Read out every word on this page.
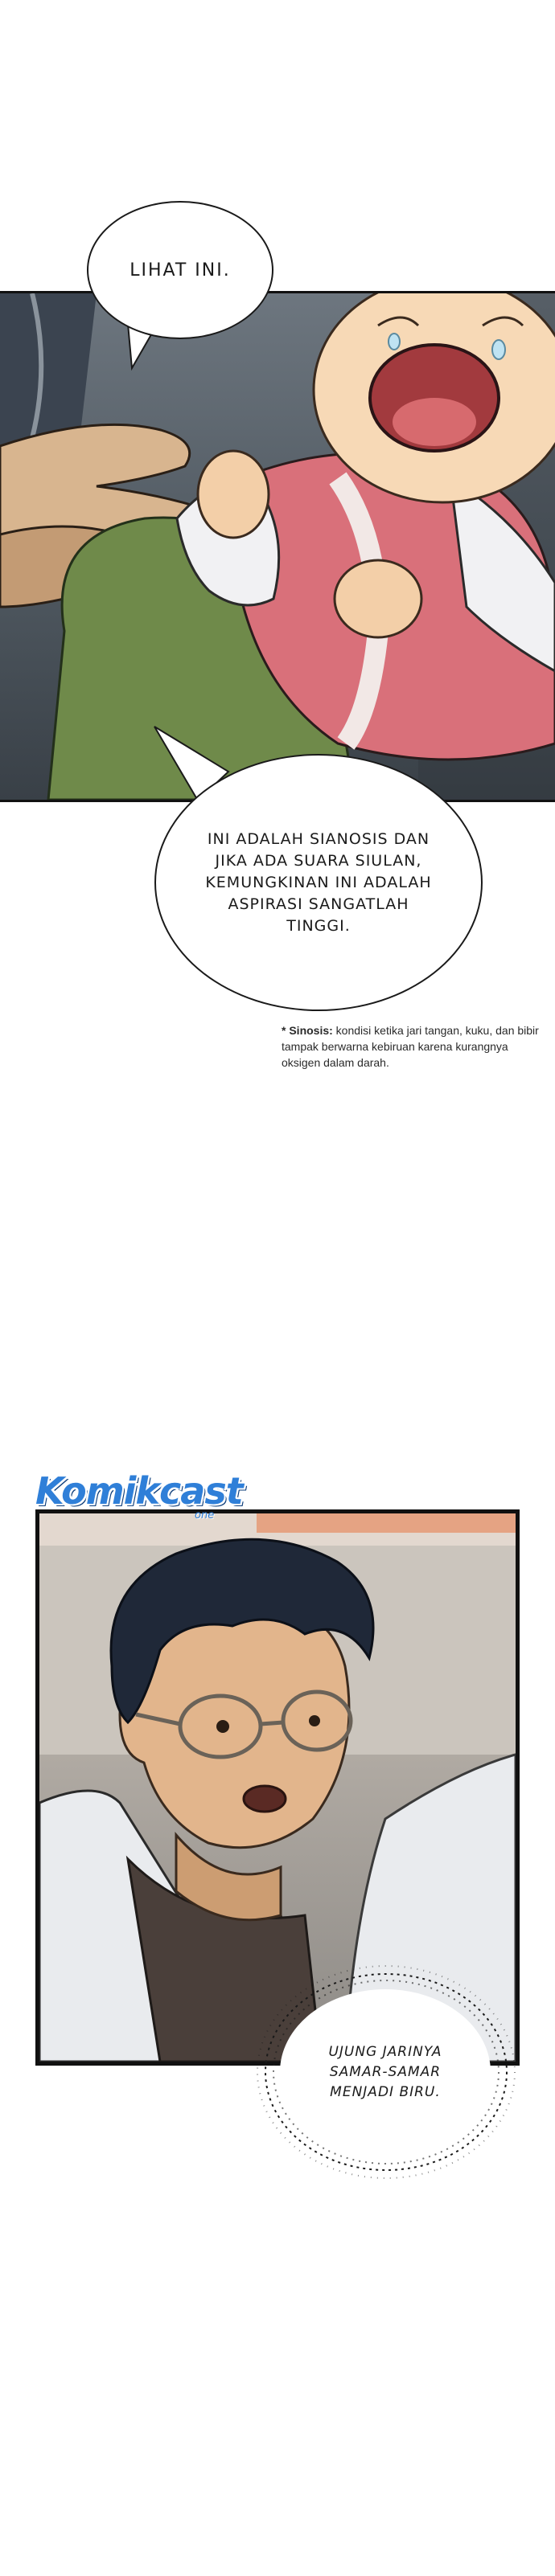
LIHAT INI.
INI ADALAH SIANOSIS DAN
JIKA ADA SUARA SIULAN,
KEMUNGKINAN INI ADALAH
ASPIRASI SANGATLAH
TINGGI.
* Sinosis: kondisi ketika jari tangan, kuku, dan bibir tampak berwarna kebiruan karena kurangnya oksigen dalam darah.
Komikcast
one
UJUNG JARINYA
SAMAR-SAMAR
MENJADI BIRU.
